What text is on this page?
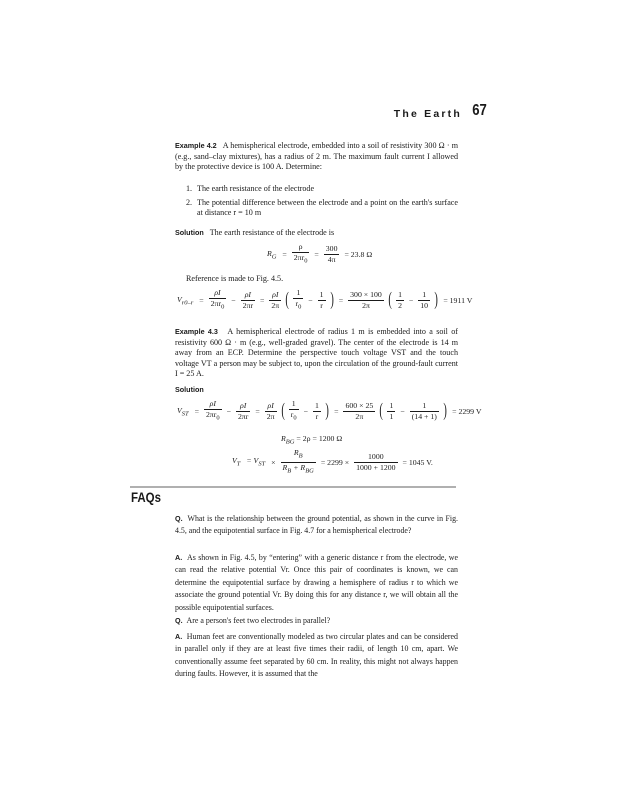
The Earth 67
Example 4.2 A hemispherical electrode, embedded into a soil of resistivity 300 Ω · m (e.g., sand–clay mixtures), has a radius of 2 m. The maximum fault current I allowed by the protective device is 100 A. Determine:
1. The earth resistance of the electrode
2. The potential difference between the electrode and a point on the earth's surface at distance r = 10 m
Solution The earth resistance of the electrode is
$R_G = \frac{\rho}{2\pi r_0} = \frac{300}{4\pi} = 23.8$ Ω
Reference is made to Fig. 4.5.
$V_{r0-r} = \frac{\rho I}{2\pi r_0} - \frac{\rho I}{2\pi r} = \frac{\rho I}{2\pi}$ ( $\frac{1}{r_0} - \frac{1}{r}$ ) = $\frac{300 \times 100}{2\pi}$ ( $\frac{1}{2} - \frac{1}{10}$ ) = 1911 V
Example 4.3 A hemispherical electrode of radius 1 m is embedded into a soil of resistivity 600 Ω · m (e.g., well-graded gravel). The center of the electrode is 14 m away from an ECP. Determine the perspective touch voltage VST and the touch voltage VT a person may be subject to, upon the circulation of the ground-fault current I = 25 A.
Solution
$V_{ST} = \frac{\rho I}{2\pi r_0} - \frac{\rho I}{2\pi r} = \frac{\rho I}{2\pi}$ ( $\frac{1}{r_0} - \frac{1}{r}$ ) = $\frac{600 \times 25}{2\pi}$ ( $\frac{1}{1} - \frac{1}{(14 + 1)}$ ) = 2299 V
$R_{BG} = 2\rho = 1200$ Ω
$V_T = V_{ST} \times \frac{R_B}{R_B + R_{BG}} = 2299 \times \frac{1000}{1000 + 1200} = 1045$ V.
FAQs
Q. What is the relationship between the ground potential, as shown in the curve in Fig. 4.5, and the equipotential surface in Fig. 4.7 for a hemispherical electrode?
A. As shown in Fig. 4.5, by “entering” with a generic distance r from the electrode, we can read the relative potential Vr. Once this pair of coordinates is known, we can determine the equipotential surface by drawing a hemisphere of radius r to which we associate the ground potential Vr. By doing this for any distance r, we will obtain all the possible equipotential surfaces.
Q. Are a person's feet two electrodes in parallel?
A. Human feet are conventionally modeled as two circular plates and can be considered in parallel only if they are at least five times their radii, of length 10 cm, apart. We conventionally assume feet separated by 60 cm. In reality, this might not always happen during faults. However, it is assumed that the
